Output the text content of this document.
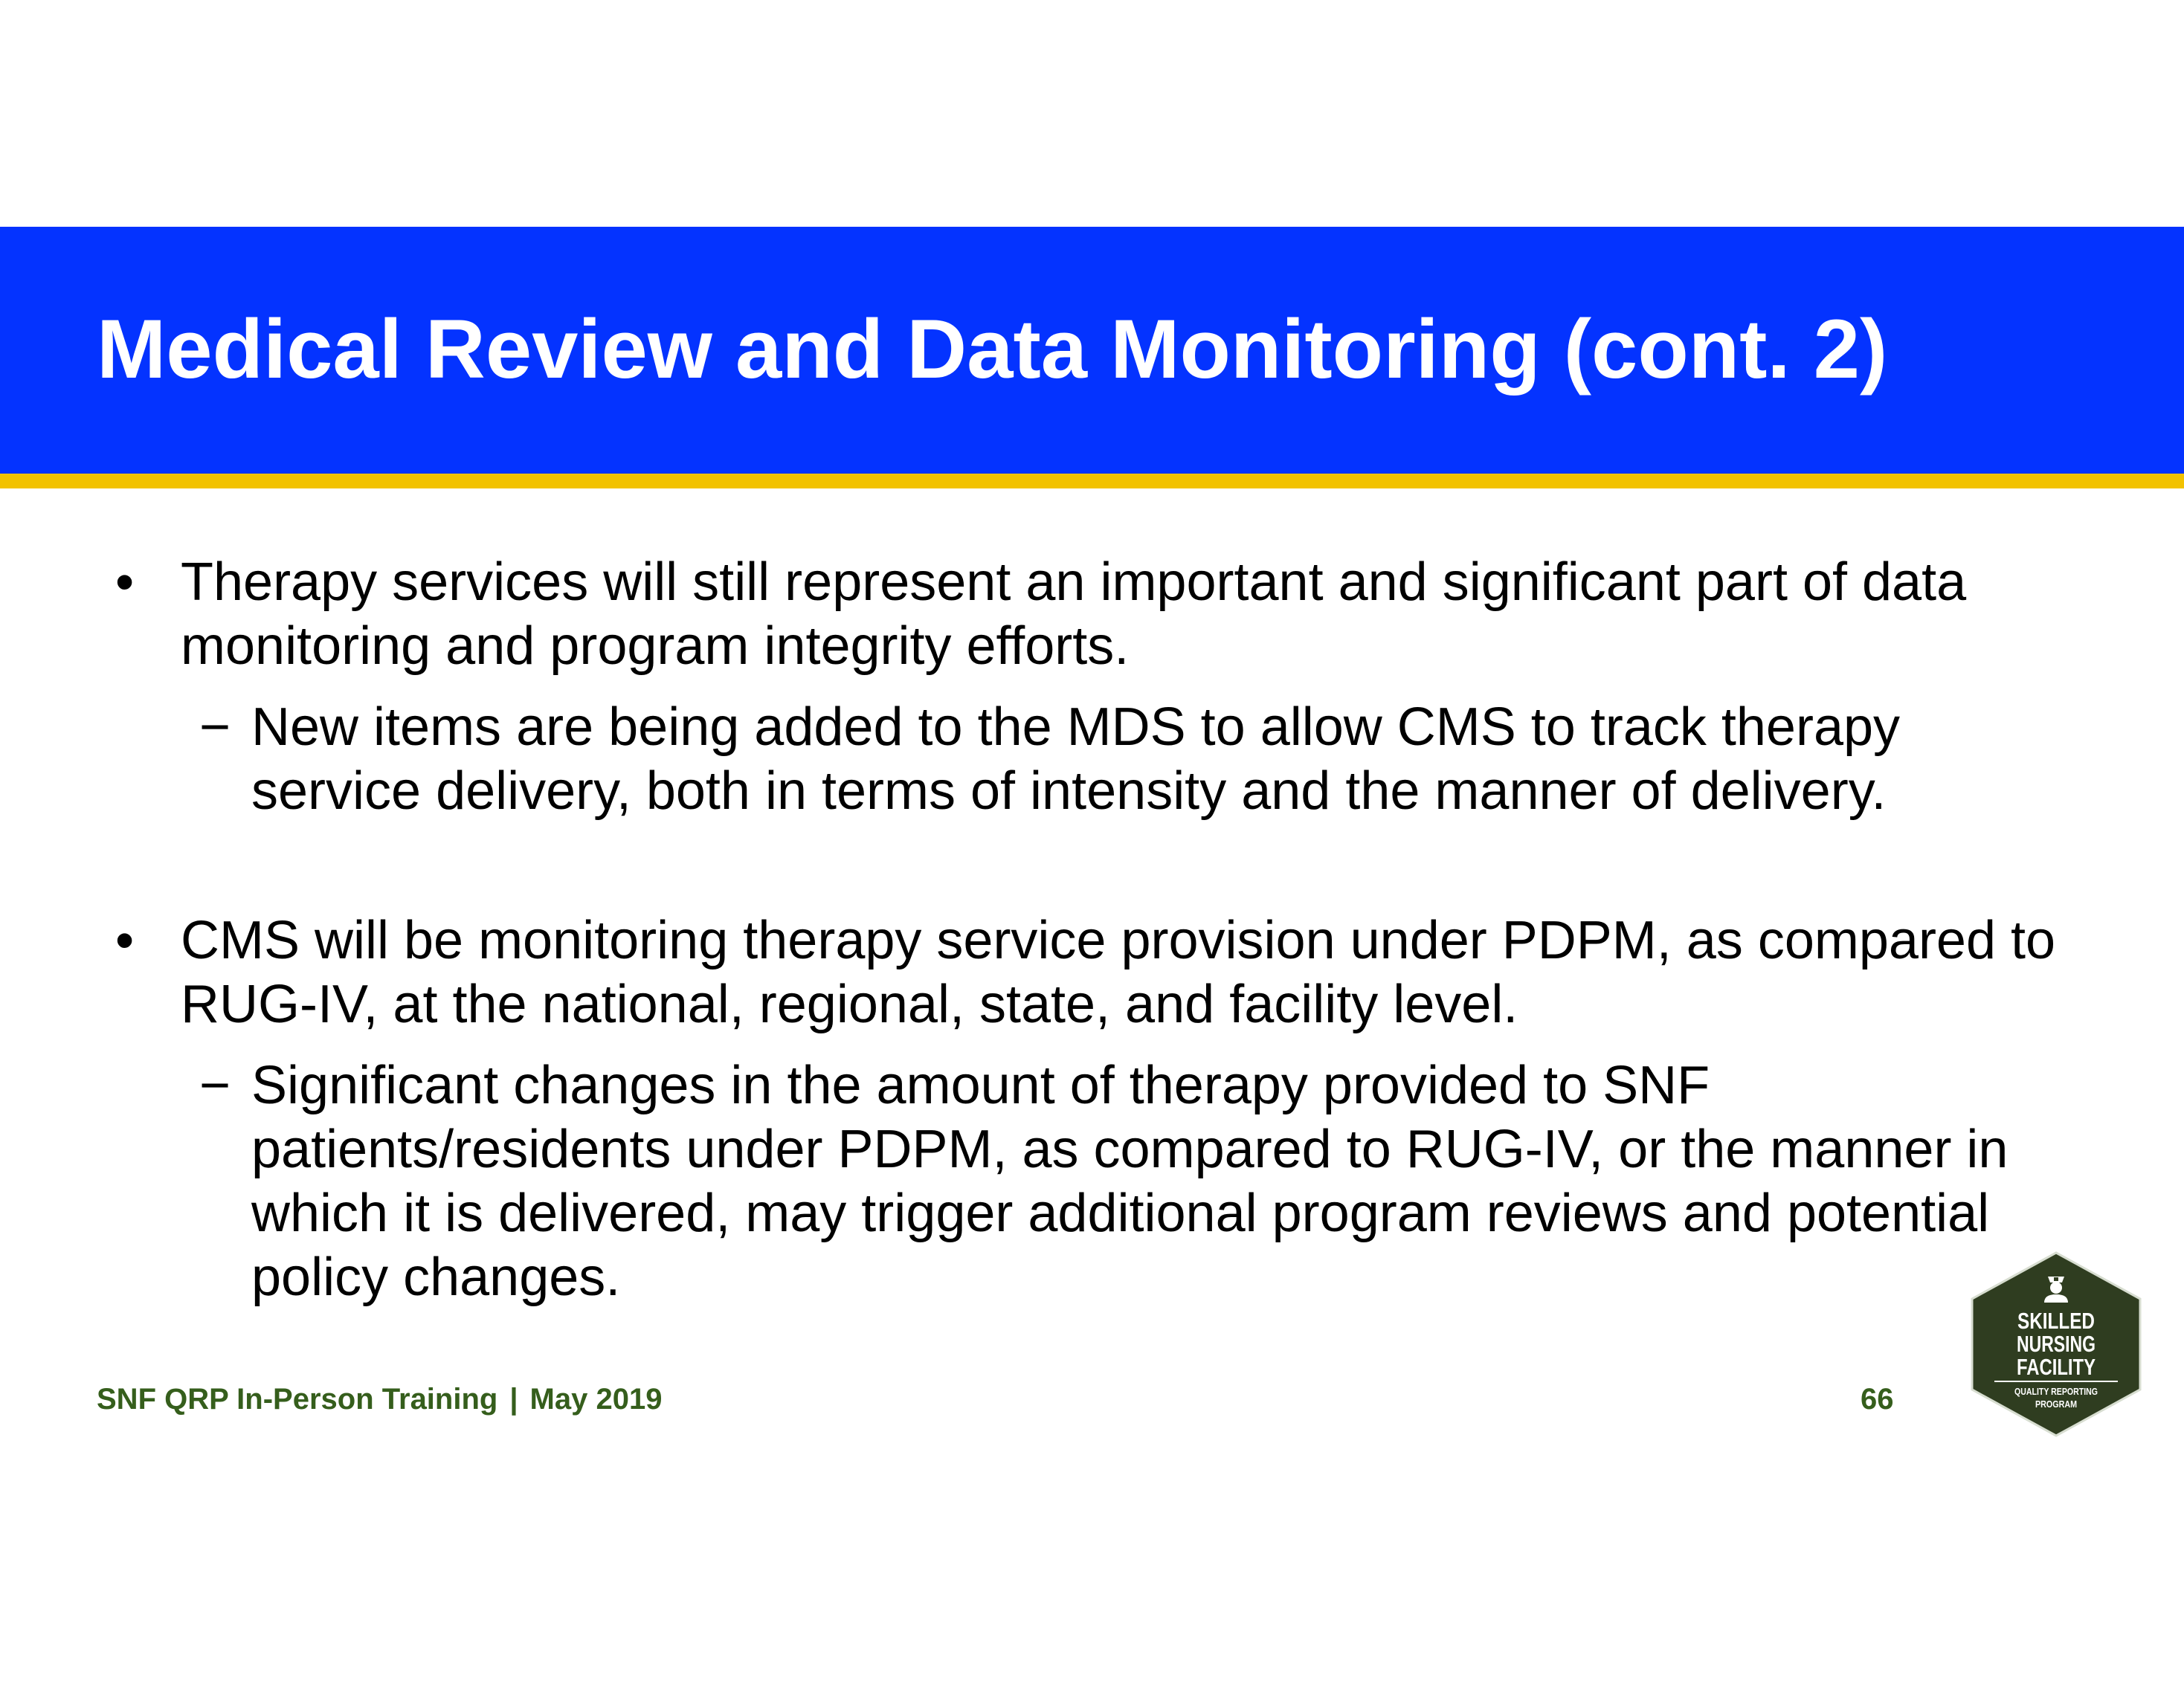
Medical Review and Data Monitoring (cont. 2)

• Therapy services will still represent an important and significant part of data monitoring and program integrity efforts.

− New items are being added to the MDS to allow CMS to track therapy service delivery, both in terms of intensity and the manner of delivery.

• CMS will be monitoring therapy service provision under PDPM, as compared to RUG-IV, at the national, regional, state, and facility level.

− Significant changes in the amount of therapy provided to SNF patients/residents under PDPM, as compared to RUG-IV, or the manner in which it is delivered, may trigger additional program reviews and potential policy changes.

SNF QRP In-Person Training | May 2019	66

SKILLED
NURSING
FACILITY
QUALITY REPORTING
PROGRAM
